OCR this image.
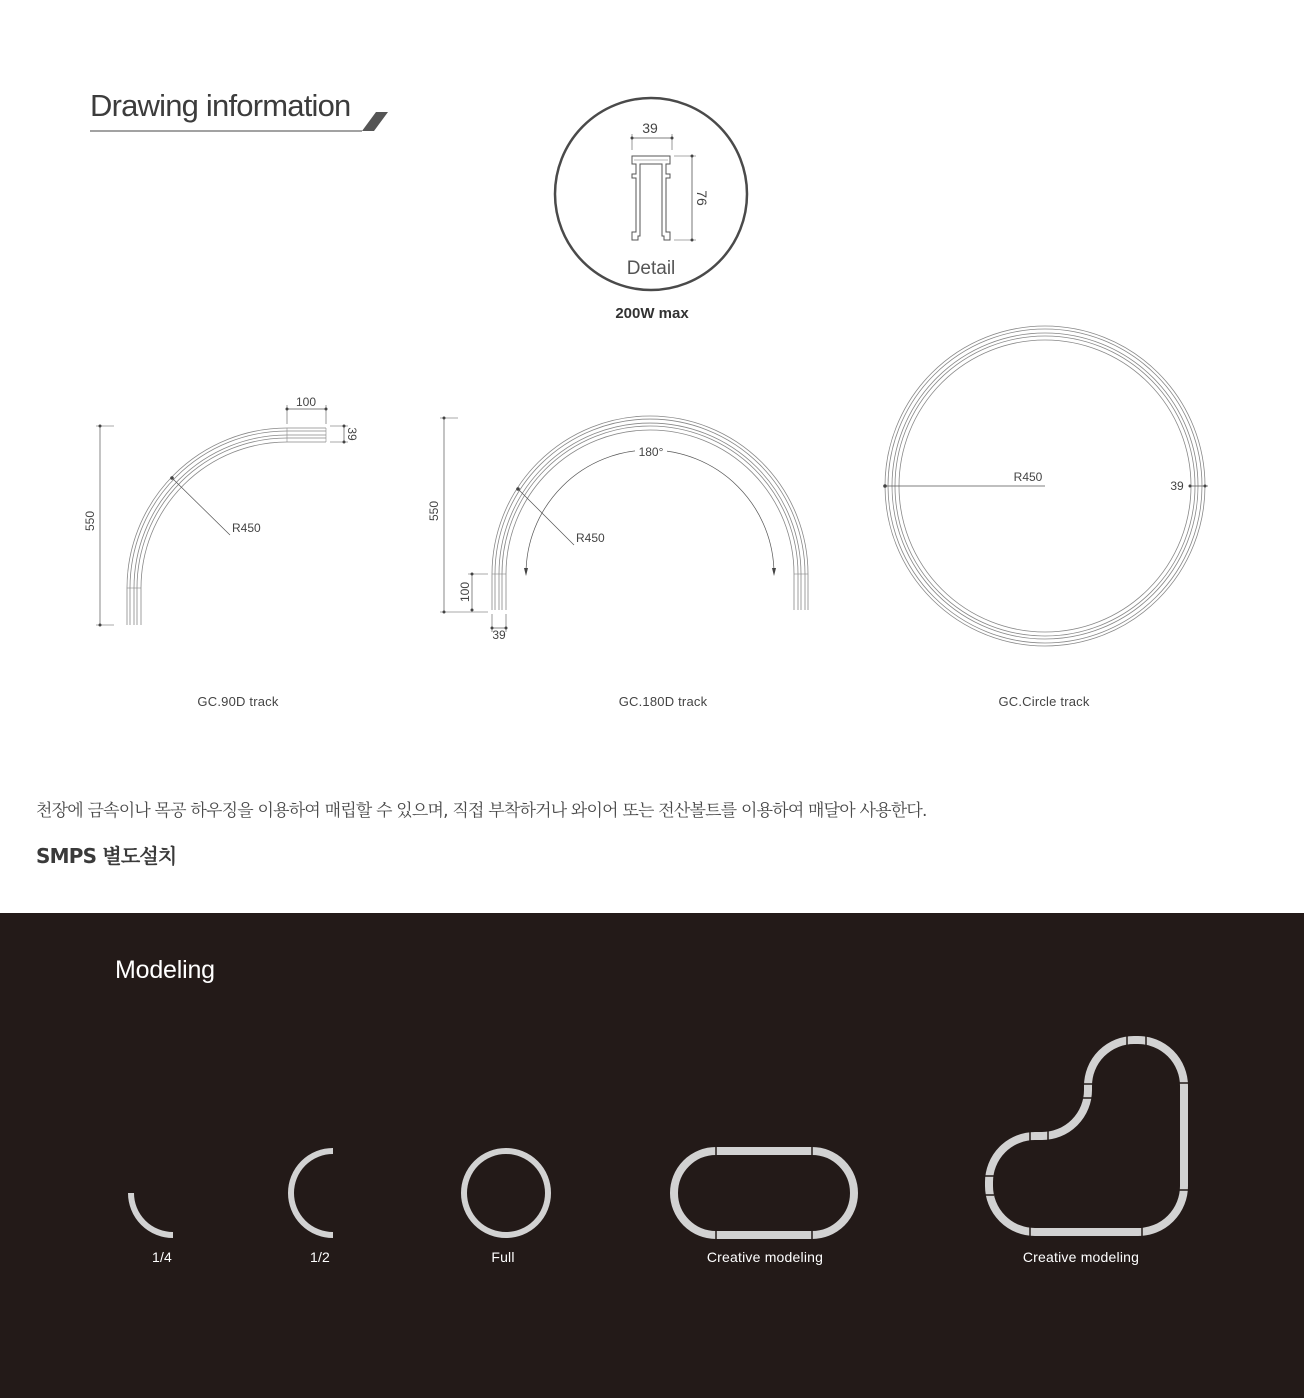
Drawing information
39
76
Detail
200W max
550
100
39
R450
180°
550
100
39
R450
R450
39
GC.90D track	GC.180D track	GC.Circle track
천장에 금속이나 목공 하우징을 이용하여 매립할 수 있으며, 직접 부착하거나 와이어 또는 전산볼트를 이용하여 매달아 사용한다.
SMPS 별도설치
Modeling
1/4	1/2	Full	Creative modeling	Creative modeling
